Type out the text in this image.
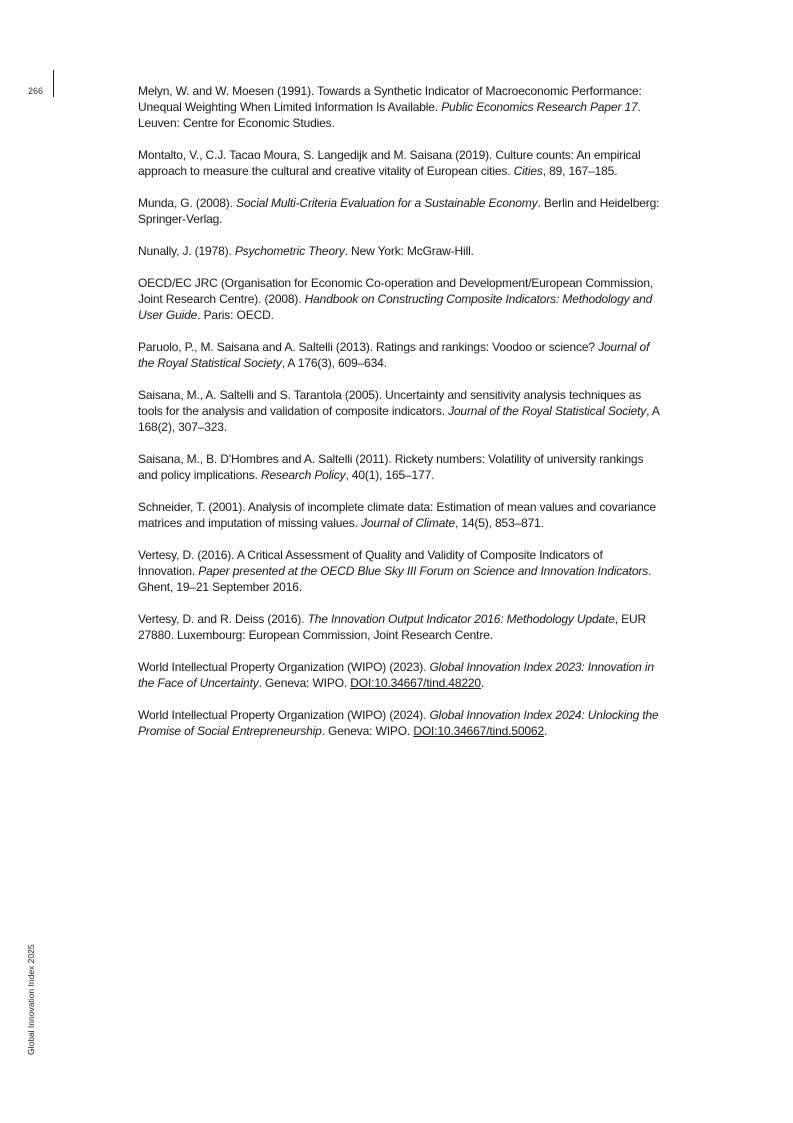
266	Melyn, W. and W. Moesen (1991). Towards a Synthetic Indicator of Macroeconomic Performance: Unequal Weighting When Limited Information Is Available. Public Economics Research Paper 17. Leuven: Centre for Economic Studies.
Montalto, V., C.J. Tacao Moura, S. Langedijk and M. Saisana (2019). Culture counts: An empirical approach to measure the cultural and creative vitality of European cities. Cities, 89, 167–185.
Munda, G. (2008). Social Multi-Criteria Evaluation for a Sustainable Economy. Berlin and Heidelberg: Springer-Verlag.
Nunally, J. (1978). Psychometric Theory. New York: McGraw-Hill.
OECD/EC JRC (Organisation for Economic Co-operation and Development/European Commission, Joint Research Centre). (2008). Handbook on Constructing Composite Indicators: Methodology and User Guide. Paris: OECD.
Paruolo, P., M. Saisana and A. Saltelli (2013). Ratings and rankings: Voodoo or science? Journal of the Royal Statistical Society, A 176(3), 609–634.
Saisana, M., A. Saltelli and S. Tarantola (2005). Uncertainty and sensitivity analysis techniques as tools for the analysis and validation of composite indicators. Journal of the Royal Statistical Society, A 168(2), 307–323.
Saisana, M., B. D'Hombres and A. Saltelli (2011). Rickety numbers: Volatility of university rankings and policy implications. Research Policy, 40(1), 165–177.
Schneider, T. (2001). Analysis of incomplete climate data: Estimation of mean values and covariance matrices and imputation of missing values. Journal of Climate, 14(5), 853–871.
Vertesy, D. (2016). A Critical Assessment of Quality and Validity of Composite Indicators of Innovation. Paper presented at the OECD Blue Sky III Forum on Science and Innovation Indicators. Ghent, 19–21 September 2016.
Vertesy, D. and R. Deiss (2016). The Innovation Output Indicator 2016: Methodology Update, EUR 27880. Luxembourg: European Commission, Joint Research Centre.
World Intellectual Property Organization (WIPO) (2023). Global Innovation Index 2023: Innovation in the Face of Uncertainty. Geneva: WIPO. DOI:10.34667/tind.48220.
World Intellectual Property Organization (WIPO) (2024). Global Innovation Index 2024: Unlocking the Promise of Social Entrepreneurship. Geneva: WIPO. DOI:10.34667/tind.50062.
Global Innovation Index 2025
